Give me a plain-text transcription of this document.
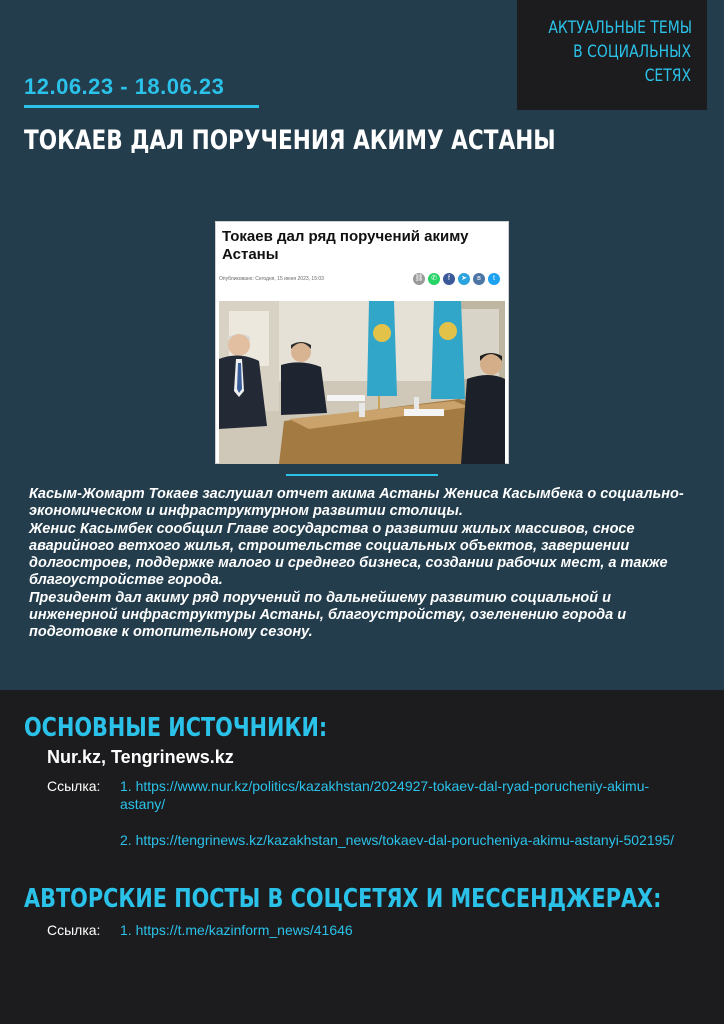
АКТУАЛЬНЫЕ ТЕМЫ
В СОЦИАЛЬНЫХ
СЕТЯХ
12.06.23 - 18.06.23
ТОКАЕВ ДАЛ ПОРУЧЕНИЯ АКИМУ АСТАНЫ
Токаев дал ряд поручений акиму Астаны
Опубликовано: Сегодня, 15 июня 2023, 15:03	⛓	✆	f	➤	в	t

Касым-Жомарт Токаев заслушал отчет акима Астаны Жениса Касымбека о социально-экономическом и инфраструктурном развитии столицы.

Женис Касымбек сообщил Главе государства о развитии жилых массивов, сносе аварийного ветхого жилья, строительстве социальных объектов, завершении долгостроев, поддержке малого и среднего бизнеса, создании рабочих мест, а также благоустройстве города.

Президент дал акиму ряд поручений по дальнейшему развитию социальной и инженерной инфраструктуры Астаны, благоустройству, озеленению города и подготовке к отопительному сезону.

ОСНОВНЫЕ ИСТОЧНИКИ:
Nur.kz, Tengrinews.kz
Ссылка:	1. https://www.nur.kz/politics/kazakhstan/2024927-tokaev-dal-ryad-porucheniy-akimu-astany/
2. https://tengrinews.kz/kazakhstan_news/tokaev-dal-porucheniya-akimu-astanyi-502195/
АВТОРСКИЕ ПОСТЫ В СОЦСЕТЯХ И МЕССЕНДЖЕРАХ:
Ссылка:	1. https://t.me/kazinform_news/41646
